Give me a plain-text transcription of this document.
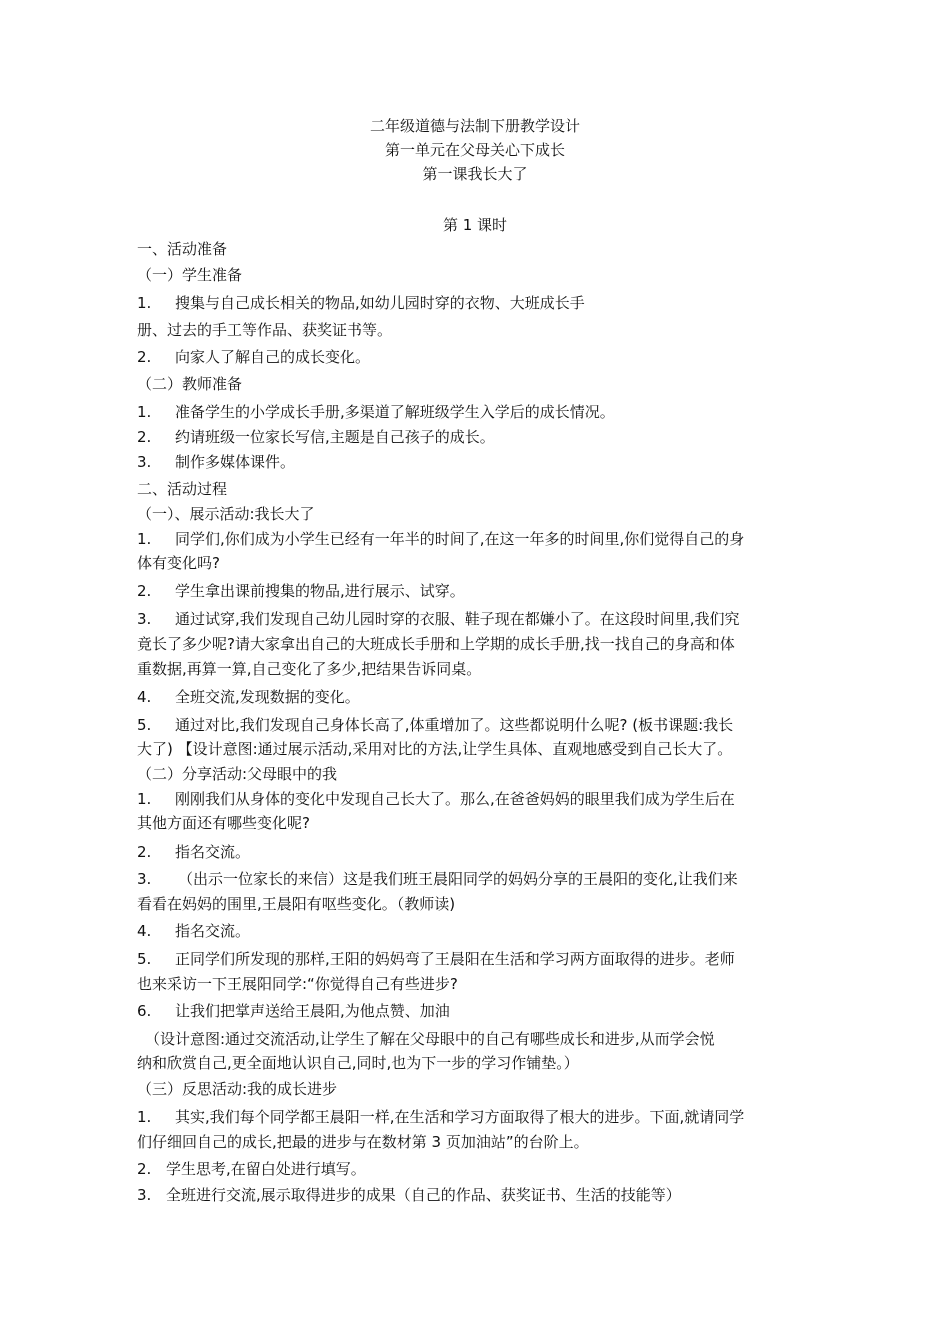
二年级道德与法制下册教学设计
第一单元在父母关心下成长
第一课我长大了
第 1 课时
一、活动准备
（一）学生准备
1. 搜集与自己成长相关的物品,如幼儿园时穿的衣物、大班成长手
册、过去的手工等作品、获奖证书等。
2. 向家人了解自己的成长变化。
（二）教师准备
1. 准备学生的小学成长手册,多渠道了解班级学生入学后的成长情况。
2. 约请班级一位家长写信,主题是自己孩子的成长。
3. 制作多媒体课件。
二、活动过程
（一）、展示活动:我长大了
1. 同学们,你们成为小学生已经有一年半的时间了,在这一年多的时间里,你们觉得自己的身
体有变化吗?
2. 学生拿出课前搜集的物品,进行展示、试穿。
3. 通过试穿,我们发现自己幼儿园时穿的衣服、鞋子现在都嫌小了。在这段时间里,我们究
竟长了多少呢?请大家拿出自己的大班成长手册和上学期的成长手册,找一找自己的身高和体
重数据,再算一算,自己变化了多少,把结果告诉同桌。
4. 全班交流,发现数据的变化。
5. 通过对比,我们发现自己身体长高了,体重增加了。这些都说明什么呢? (板书课题:我长
大了) 【设计意图:通过展示活动,采用对比的方法,让学生具体、直观地感受到自己长大了。
（二）分享活动:父母眼中的我
1. 刚刚我们从身体的变化中发现自己长大了。那么,在爸爸妈妈的眼里我们成为学生后在
其他方面还有哪些变化呢?
2. 指名交流。
3. （出示一位家长的来信）这是我们班王晨阳同学的妈妈分享的王晨阳的变化,让我们来
看看在妈妈的围里,王晨阳有呕些变化。（教师读)
4. 指名交流。
5. 正同学们所发现的那样,王阳的妈妈弯了王晨阳在生活和学习两方面取得的进步。老师
也来采访一下王展阳同学:“你觉得自己有些进步?
6. 让我们把掌声送给王晨阳,为他点赞、加油
（设计意图:通过交流活动,让学生了解在父母眼中的自己有哪些成长和进步,从而学会悦
纳和欣赏自己,更全面地认识自己,同时,也为下一步的学习作铺垫。）
（三）反思活动:我的成长进步
1. 其实,我们每个同学都王晨阳一样,在生活和学习方面取得了根大的进步。下面,就请同学
们仔细回自己的成长,把最的进步与在数材第 3 页加油站”的台阶上。
2. 学生思考,在留白处进行填写。
3. 全班进行交流,展示取得进步的成果（自己的作品、获奖证书、生活的技能等）
